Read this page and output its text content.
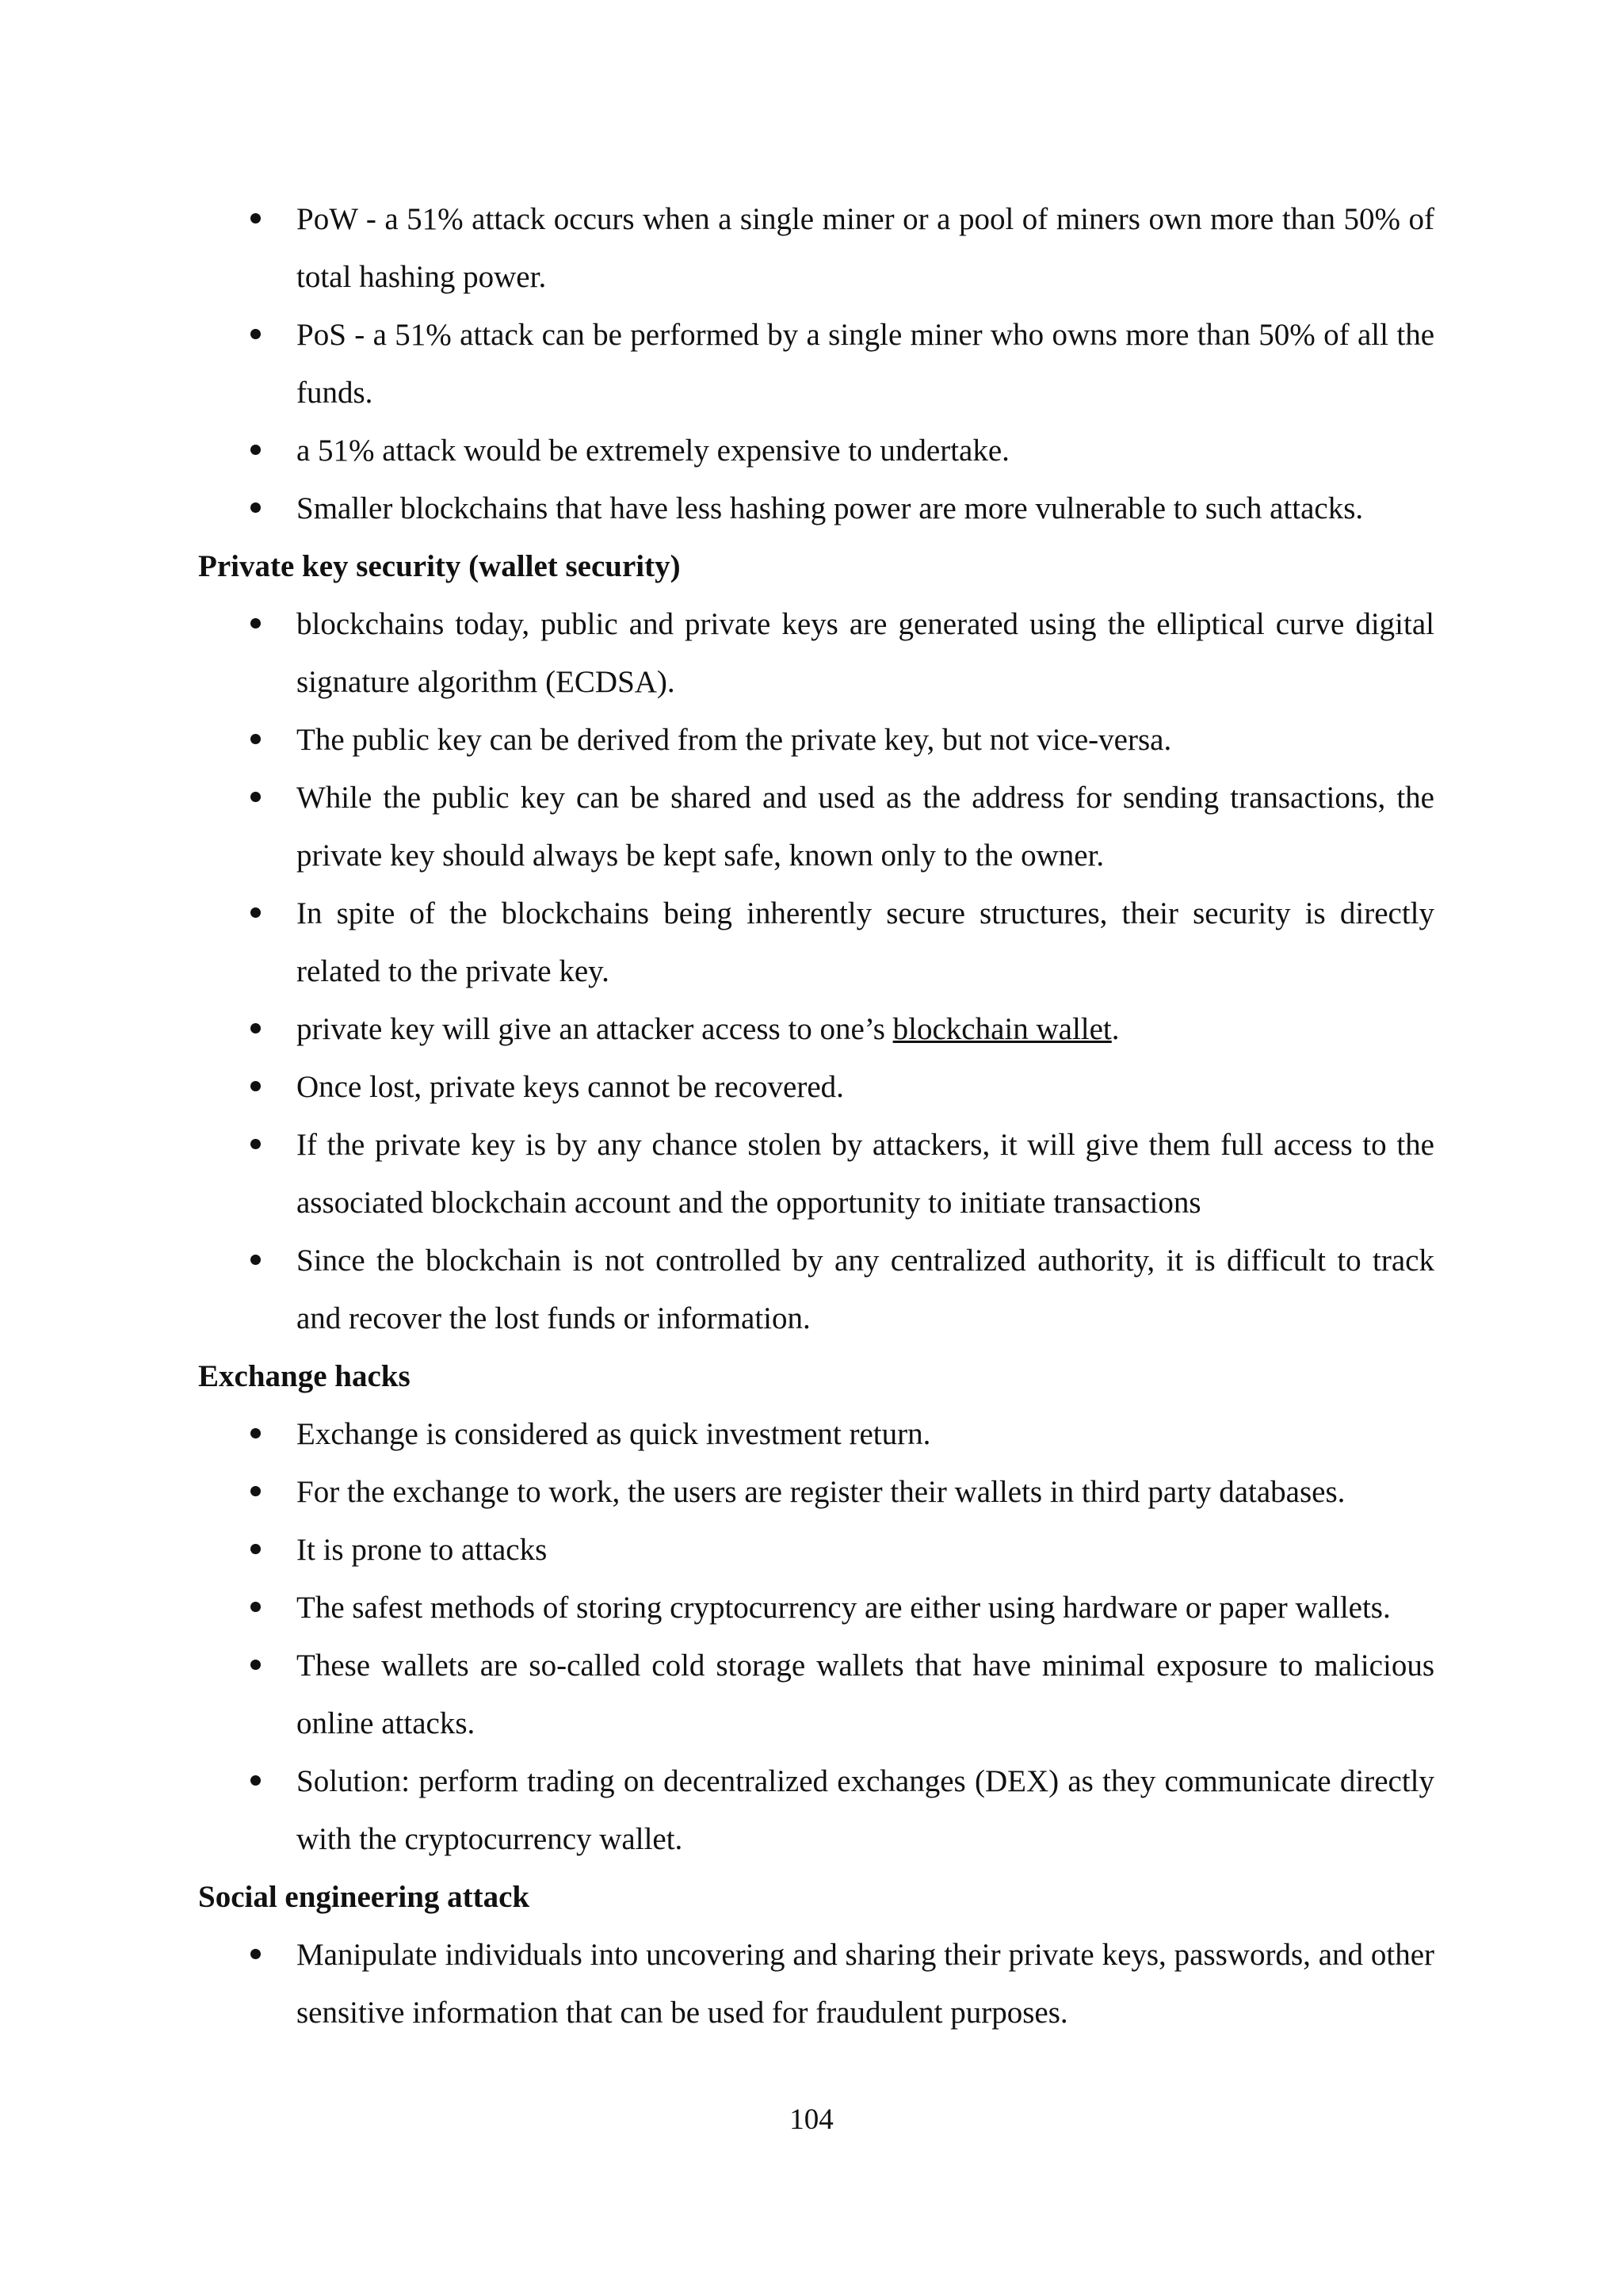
PoW - a 51% attack occurs when a single miner or a pool of miners own more than 50% of total hashing power.
PoS - a 51% attack can be performed by a single miner who owns more than 50% of all the funds.
a 51% attack would be extremely expensive to undertake.
Smaller blockchains that have less hashing power are more vulnerable to such attacks.
Private key security (wallet security)
blockchains today, public and private keys are generated using the elliptical curve digital signature algorithm (ECDSA).
The public key can be derived from the private key, but not vice-versa.
While the public key can be shared and used as the address for sending transactions, the private key should always be kept safe, known only to the owner.
In spite of the blockchains being inherently secure structures, their security is directly related to the private key.
private key will give an attacker access to one’s blockchain wallet.
Once lost, private keys cannot be recovered.
If the private key is by any chance stolen by attackers, it will give them full access to the associated blockchain account and the opportunity to initiate transactions
Since the blockchain is not controlled by any centralized authority, it is difficult to track and recover the lost funds or information.
Exchange hacks
Exchange is considered as quick investment return.
For the exchange to work, the users are register their wallets in third party databases.
It is prone to attacks
The safest methods of storing cryptocurrency are either using hardware or paper wallets.
These wallets are so-called cold storage wallets that have minimal exposure to malicious online attacks.
Solution: perform trading on decentralized exchanges (DEX) as they communicate directly with the cryptocurrency wallet.
Social engineering attack
Manipulate individuals into uncovering and sharing their private keys, passwords, and other sensitive information that can be used for fraudulent purposes.
104
